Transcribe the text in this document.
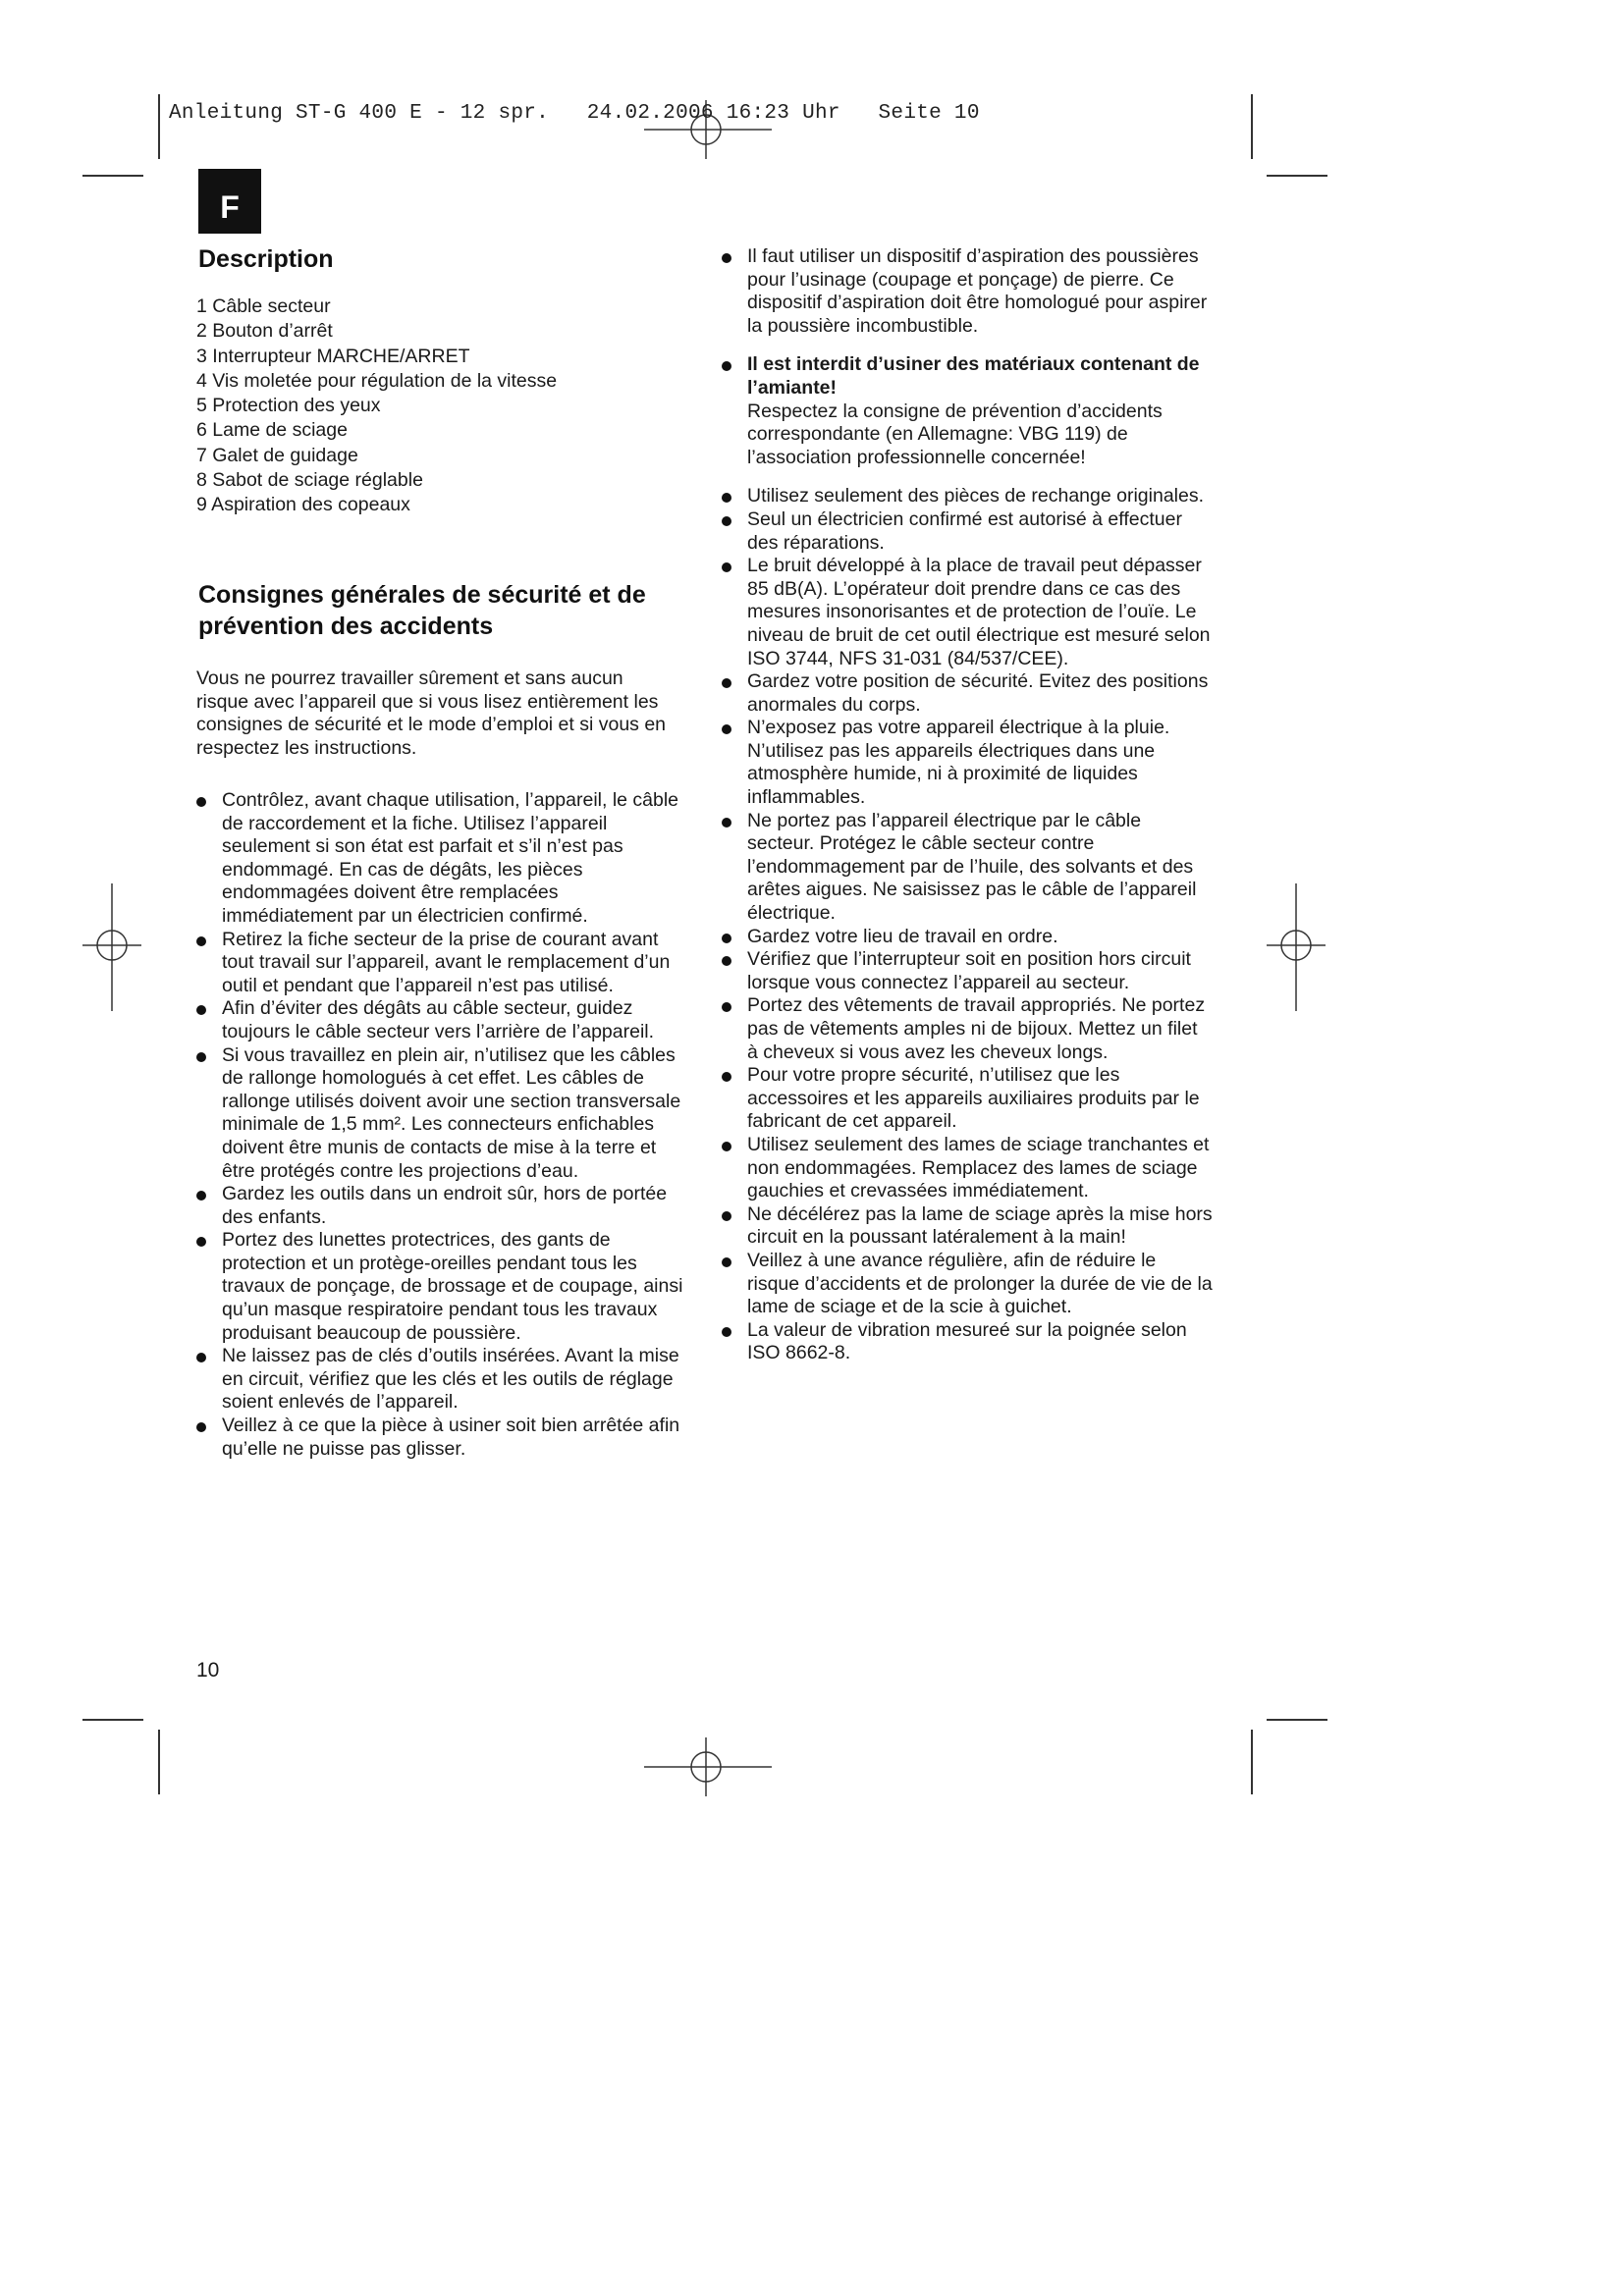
Anleitung ST-G 400 E - 12 spr.   24.02.2006 16:23 Uhr   Seite 10
F
Description
1 Câble secteur
2 Bouton d’arrêt
3 Interrupteur MARCHE/ARRET
4 Vis moletée pour régulation de la vitesse
5 Protection des yeux
6 Lame de sciage
7 Galet de guidage
8 Sabot de sciage réglable
9 Aspiration des copeaux
Consignes générales de sécurité et de
prévention des accidents

Vous ne pourrez travailler sûrement et sans aucun risque avec l’appareil que si vous lisez entièrement les consignes de sécurité et le mode d’emploi et si vous en respectez les instructions.

Contrôlez, avant chaque utilisation, l’appareil, le câble de raccordement et la fiche. Utilisez l’appareil seulement si son état est parfait et s’il n’est pas endommagé. En cas de dégâts, les pièces endommagées doivent être remplacées immédiatement par un électricien confirmé.
Retirez la fiche secteur de la prise de courant avant tout travail sur l’appareil, avant le remplacement d’un outil et pendant que l’appareil n’est pas utilisé.
Afin d’éviter des dégâts au câble secteur, guidez toujours le câble secteur vers l’arrière de l’appareil.
Si vous travaillez en plein air, n’utilisez que les câbles de rallonge homologués à cet effet. Les câbles de rallonge utilisés doivent avoir une section transversale minimale de 1,5 mm². Les connecteurs enfichables doivent être munis de contacts de mise à la terre et être protégés contre les projections d’eau.
Gardez les outils dans un endroit sûr, hors de portée des enfants.
Portez des lunettes protectrices, des gants de protection et un protège-oreilles pendant tous les travaux de ponçage, de brossage et de coupage, ainsi qu’un masque respiratoire pendant tous les travaux produisant beaucoup de poussière.
Ne laissez pas de clés d’outils insérées. Avant la mise en circuit, vérifiez que les clés et les outils de réglage soient enlevés de l’appareil.
Veillez à ce que la pièce à usiner soit bien arrêtée afin qu’elle ne puisse pas glisser.
Il faut utiliser un dispositif d’aspiration des poussières pour l’usinage (coupage et ponçage) de pierre. Ce dispositif d’aspiration doit être homologué pour aspirer la poussière incombustible.
Il est interdit d’usiner des matériaux contenant de l’amiante!
Respectez la consigne de prévention d’accidents correspondante (en Allemagne: VBG 119) de l’association professionnelle concernée!
Utilisez seulement des pièces de rechange originales.
Seul un électricien confirmé est autorisé à effectuer des réparations.
Le bruit développé à la place de travail peut dépasser 85 dB(A). L’opérateur doit prendre dans ce cas des mesures insonorisantes et de protection de l’ouïe. Le niveau de bruit de cet outil électrique est mesuré selon ISO 3744, NFS 31-031 (84/537/CEE).
Gardez votre position de sécurité. Evitez des positions anormales du corps.
N’exposez pas votre appareil électrique à la pluie. N’utilisez pas les appareils électriques dans une atmosphère humide, ni à proximité de liquides inflammables.
Ne portez pas l’appareil électrique par le câble secteur. Protégez le câble secteur contre l’endommagement par de l’huile, des solvants et des arêtes aigues. Ne saisissez pas le câble de l’appareil électrique.
Gardez votre lieu de travail en ordre.
Vérifiez que l’interrupteur soit en position hors circuit lorsque vous connectez l’appareil au secteur.
Portez des vêtements de travail appropriés. Ne portez pas de vêtements amples ni de bijoux. Mettez un filet à cheveux si vous avez les cheveux longs.
Pour votre propre sécurité, n’utilisez que les accessoires et les appareils auxiliaires produits par le fabricant de cet appareil.
Utilisez seulement des lames de sciage tranchantes et non endommagées. Remplacez des lames de sciage gauchies et crevassées immédiatement.
Ne décélérez pas la lame de sciage après la mise hors circuit en la poussant latéralement à la main!
Veillez à une avance régulière, afin de réduire le risque d’accidents et de prolonger la durée de vie de la lame de sciage et de la scie à guichet.
La valeur de vibration mesureé sur la poignée selon ISO 8662-8.
10
